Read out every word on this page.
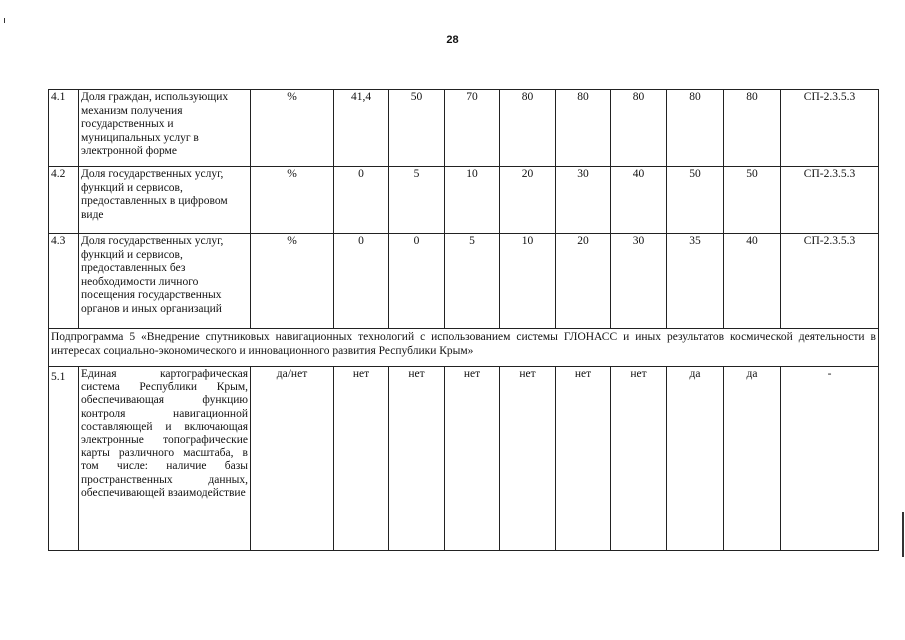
28
4.1	Доля граждан, использующих механизм получения государственных и муниципальных услуг в электронной форме	%	41,4	50	70	80	80	80	80	80	СП-2.3.5.3
4.2	Доля государственных услуг, функций и сервисов, предоставленных в цифровом виде	%	0	5	10	20	30	40	50	50	СП-2.3.5.3
4.3	Доля государственных услуг, функций и сервисов, предоставленных без необходимости личного посещения государственных органов и иных организаций	%	0	0	5	10	20	30	35	40	СП-2.3.5.3
Подпрограмма 5 «Внедрение спутниковых навигационных технологий с использованием системы ГЛОНАСС и иных результатов космической деятельности в интересах социально-экономического и инновационного развития Республики Крым»											
5.1	Единая картографическая система Республики Крым, обеспечивающая функцию контроля навигационной составляющей и включающая электронные топографические карты различного масштаба, в том числе: наличие базы пространственных данных, обеспечивающей взаимодействие	да/нет	нет	нет	нет	нет	нет	нет	да	да	-
